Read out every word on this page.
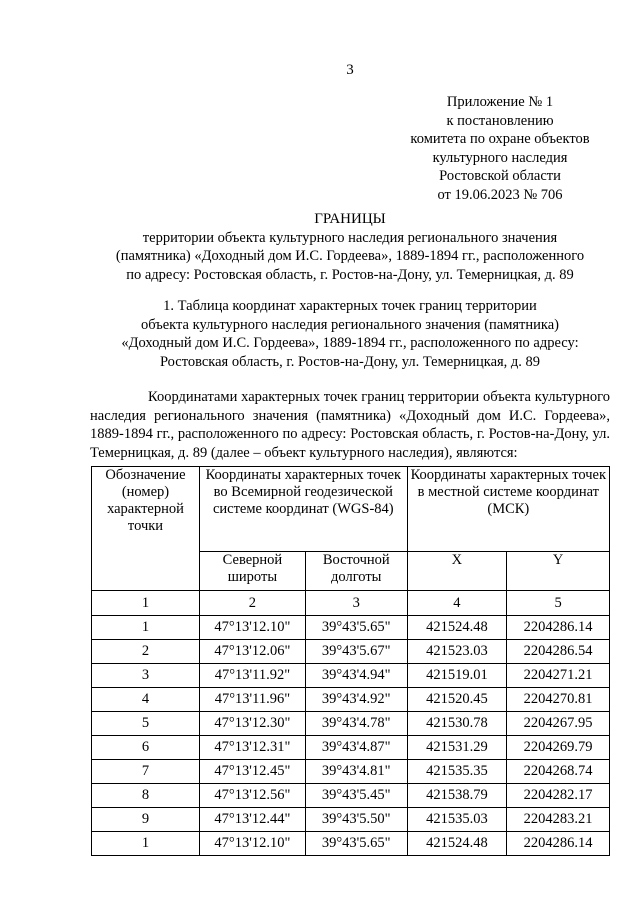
3
Приложение № 1
к постановлению
комитета по охране объектов
культурного наследия
Ростовской области
от 19.06.2023 № 706
ГРАНИЦЫ
территории объекта культурного наследия регионального значения
(памятника) «Доходный дом И.С. Гордеева», 1889-1894 гг., расположенного
по адресу: Ростовская область, г. Ростов-на-Дону, ул. Темерницкая, д. 89
1. Таблица координат характерных точек границ территории
объекта культурного наследия регионального значения (памятника)
«Доходный дом И.С. Гордеева», 1889-1894 гг., расположенного по адресу:
Ростовская область, г. Ростов-на-Дону, ул. Темерницкая, д. 89
Координатами характерных точек границ территории объекта культурного наследия регионального значения (памятника) «Доходный дом И.С. Гордеева», 1889-1894 гг., расположенного по адресу: Ростовская область, г. Ростов-на-Дону, ул. Темерницкая, д. 89 (далее – объект культурного наследия), являются:
Обозначение (номер) характерной точки	Координаты характерных точек во Всемирной геодезической системе координат (WGS-84)		Координаты характерных точек в местной системе координат (МСК)	
	Северной широты	Восточной долготы	X	Y
1	2	3	4	5
1	47°13'12.10"	39°43'5.65"	421524.48	2204286.14
2	47°13'12.06"	39°43'5.67"	421523.03	2204286.54
3	47°13'11.92"	39°43'4.94"	421519.01	2204271.21
4	47°13'11.96"	39°43'4.92"	421520.45	2204270.81
5	47°13'12.30"	39°43'4.78"	421530.78	2204267.95
6	47°13'12.31"	39°43'4.87"	421531.29	2204269.79
7	47°13'12.45"	39°43'4.81"	421535.35	2204268.74
8	47°13'12.56"	39°43'5.45"	421538.79	2204282.17
9	47°13'12.44"	39°43'5.50"	421535.03	2204283.21
1	47°13'12.10"	39°43'5.65"	421524.48	2204286.14
